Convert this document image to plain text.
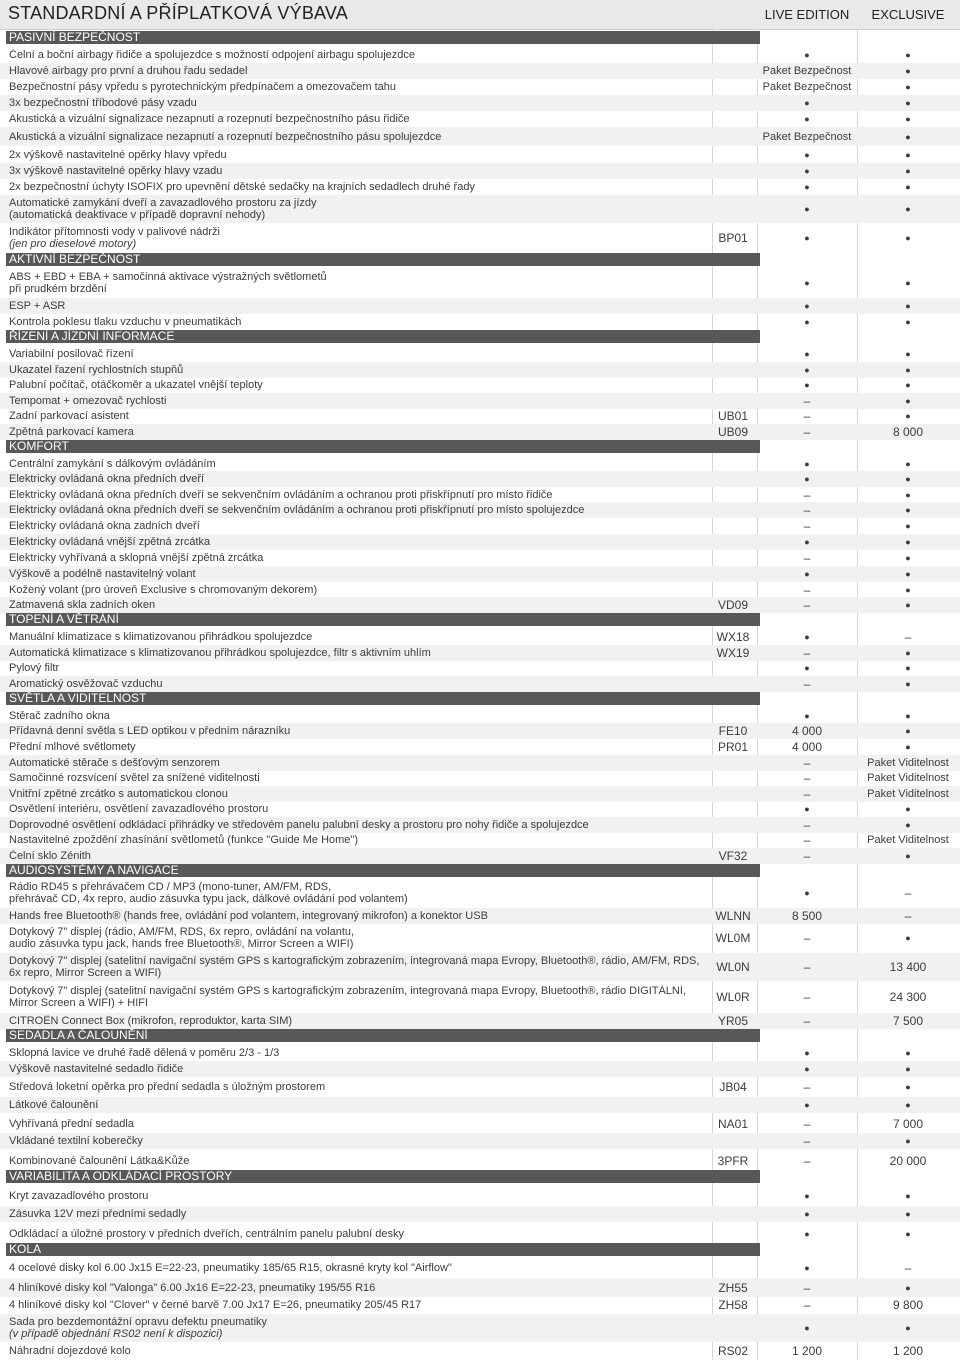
STANDARDNÍ A PŘÍPLATKOVÁ VÝBAVA	LIVE EDITION	EXCLUSIVE
PASIVNÍ BEZPEČNOST
Čelní a boční airbagy řidiče a spolujezdce s možností odpojení airbagu spolujezdce	●	●
Hlavové airbagy pro první a druhou řadu sedadel	Paket Bezpečnost	●
Bezpečnostní pásy vpředu s pyrotechnickým předpínačem a omezovačem tahu	Paket Bezpečnost	●
3x bezpečnostní tříbodové pásy vzadu	●	●
Akustická a vizuální signalizace nezapnutí a rozepnutí bezpečnostního pásu řidiče	●	●
Akustická a vizuální signalizace nezapnutí a rozepnutí bezpečnostního pásu spolujezdce	Paket Bezpečnost	●
2x výškově nastavitelné opěrky hlavy vpředu	●	●
3x výškově nastavitelné opěrky hlavy vzadu	●	●
2x bezpečnostní úchyty ISOFIX pro upevnění dětské sedačky na krajních sedadlech druhé řady	●	●
Automatické zamykání dveří a zavazadlového prostoru za jízdy
(automatická deaktivace v případě dopravní nehody)	●	●
Indikátor přítomnosti vody v palivové nádrži
(jen pro dieselové motory)	BP01	●	●
AKTIVNÍ BEZPEČNOST
ABS + EBD + EBA + samočinná aktivace výstražných světlometů
při prudkém brzdění	●	●
ESP + ASR	●	●
Kontrola poklesu tlaku vzduchu v pneumatikách	●	●
ŘÍZENÍ A JÍZDNÍ INFORMACE
Variabilní posilovač řízení	●	●
Ukazatel řazení rychlostních stupňů	●	●
Palubní počítač, otáčkoměr a ukazatel vnější teploty	●	●
Tempomat + omezovač rychlosti	–	●
Zadní parkovací asistent	UB01	–	●
Zpětná parkovací kamera	UB09	–	8 000
KOMFORT
Centrální zamykání s dálkovým ovládáním	●	●
Elektricky ovládaná okna předních dveří	●	●
Elektricky ovládaná okna předních dveří se sekvenčním ovládáním a ochranou proti přiskřípnutí pro místo řidiče	–	●
Elektricky ovládaná okna předních dveří se sekvenčním ovládáním a ochranou proti přiskřípnutí pro místo spolujezdce	–	●
Elektricky ovládaná okna zadních dveří	–	●
Elektricky ovládaná vnější zpětná zrcátka	●	●
Elektricky vyhřívaná a sklopná vnější zpětná zrcátka	–	●
Výškově a podélně nastavitelný volant	●	●
Kožený volant (pro úroveň Exclusive s chromovaným dekorem)	–	●
Zatmavená skla zadních oken	VD09	–	●
TOPENÍ A VĚTRÁNÍ
Manuální klimatizace s klimatizovanou přihrádkou spolujezdce	WX18	●	–
Automatická klimatizace s klimatizovanou přihrádkou spolujezdce, filtr s aktivním uhlím	WX19	–	●
Pylový filtr	●	●
Aromatický osvěžovač vzduchu	–	●
SVĚTLA A VIDITELNOST
Stěrač zadního okna	●	●
Přídavná denní světla s LED optikou v předním nárazníku	FE10	4 000	●
Přední mlhové světlomety	PR01	4 000	●
Automatické stěrače s dešťovým senzorem	–	Paket Viditelnost
Samočinné rozsvícení světel za snížené viditelnosti	–	Paket Viditelnost
Vnitřní zpětné zrcátko s automatickou clonou	–	Paket Viditelnost
Osvětlení interiéru, osvětlení zavazadlového prostoru	●	●
Doprovodné osvětlení odkládací přihrádky ve středovém panelu palubní desky a prostoru pro nohy řidiče a spolujezdce	–	●
Nastavitelné zpoždění zhasínání světlometů (funkce "Guide Me Home")	–	Paket Viditelnost
Čelní sklo Zénith	VF32	–	●
AUDIOSYSTÉMY A NAVIGACE
Rádio RD45 s přehrávačem CD / MP3 (mono-tuner, AM/FM, RDS,
přehrávač CD, 4x repro, audio zásuvka typu jack, dálkové ovládání pod volantem)	●	–
Hands free Bluetooth® (hands free, ovládání pod volantem, integrovaný mikrofon) a konektor USB	WLNN	8 500	–
Dotykový 7" displej (rádio, AM/FM, RDS, 6x repro, ovládání na volantu,
audio zásuvka typu jack, hands free Bluetooth®, Mirror Screen a WIFI)	WL0M	–	●
Dotykový 7" displej (satelitní navigační systém GPS s kartografickým zobrazením, integrovaná mapa Evropy, Bluetooth®, rádio, AM/FM, RDS,
6x repro, Mirror Screen a WIFI)	WL0N	–	13 400
Dotykový 7" displej (satelitní navigační systém GPS s kartografickým zobrazením, integrovaná mapa Evropy, Bluetooth®, rádio DIGITÁLNÍ,
Mirror Screen a WIFI) + HIFI	WL0R	–	24 300
CITROËN Connect Box (mikrofon, reproduktor, karta SIM)	YR05	–	7 500
SEDADLA A ČALOUNĚNÍ
Sklopná lavice ve druhé řadě dělená v poměru 2/3 - 1/3	●	●
Výškově nastavitelné sedadlo řidiče	●	●
Středová loketní opěrka pro přední sedadla s úložným prostorem	JB04	–	●
Látkové čalounění	●	●
Vyhřívaná přední sedadla	NA01	–	7 000
Vkládané textilní koberečky	–	●
Kombinované čalounění Látka&Kůže	3PFR	–	20 000
VARIABILITA A ODKLÁDACÍ PROSTORY
Kryt zavazadlového prostoru	●	●
Zásuvka 12V mezi předními sedadly	●	●
Odkládací a úložné prostory v předních dveřích, centrálním panelu palubní desky	●	●
KOLA
4 ocelové disky kol 6.00 Jx15 E=22-23, pneumatiky 185/65 R15, okrasné kryty kol "Airflow"	●	–
4 hliníkové disky kol "Valonga" 6.00 Jx16 E=22-23, pneumatiky 195/55 R16	ZH55	–	●
4 hliníkové disky kol "Clover" v černé barvě 7.00 Jx17 E=26, pneumatiky 205/45 R17	ZH58	–	9 800
Sada pro bezdemontážní opravu defektu pneumatiky
(v případě objednání RS02 není k dispozici)	●	●
Náhradní dojezdové kolo	RS02	1 200	1 200
